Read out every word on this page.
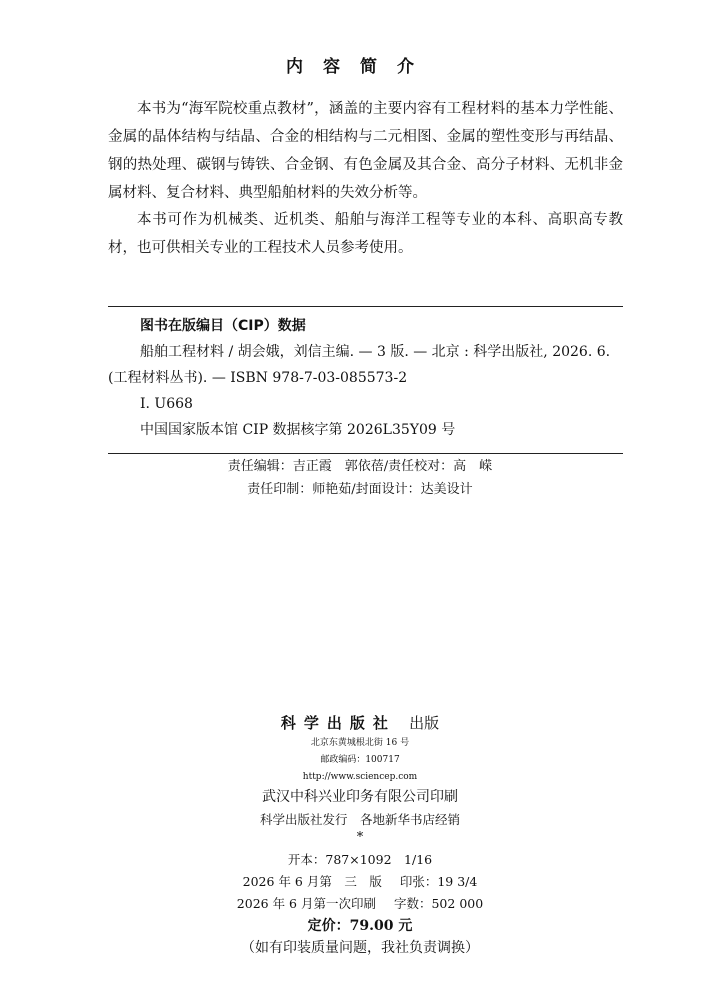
内容简介

本书为“海军院校重点教材”，涵盖的主要内容有工程材料的基本力学性能、金属的晶体结构与结晶、合金的相结构与二元相图、金属的塑性变形与再结晶、钢的热处理、碳钢与铸铁、合金钢、有色金属及其合金、高分子材料、无机非金属材料、复合材料、典型船舶材料的失效分析等。

本书可作为机械类、近机类、船舶与海洋工程等专业的本科、高职高专教材，也可供相关专业的工程技术人员参考使用。

图书在版编目（CIP）数据
船舶工程材料 / 胡会娥，刘信主编. — 3 版. — 北京 : 科学出版社, 2026. 6.
(工程材料丛书). — ISBN 978-7-03-085573-2
I. U668
中国国家版本馆 CIP 数据核字第 2026L35Y09 号
责任编辑：吉正霞　郭依蓓/责任校对：高　嵘
责任印制：师艳茹/封面设计：达美设计
科学出版社 出版
北京东黄城根北街 16 号
邮政编码：100717
http://www.sciencep.com
武汉中科兴业印务有限公司印刷
科学出版社发行　各地新华书店经销
*
开本：787×1092　1/16
2026 年 6 月第　三　版 印张：19 3/4
2026 年 6 月第一次印刷 字数：502 000
定价：79.00 元
（如有印装质量问题，我社负责调换）
